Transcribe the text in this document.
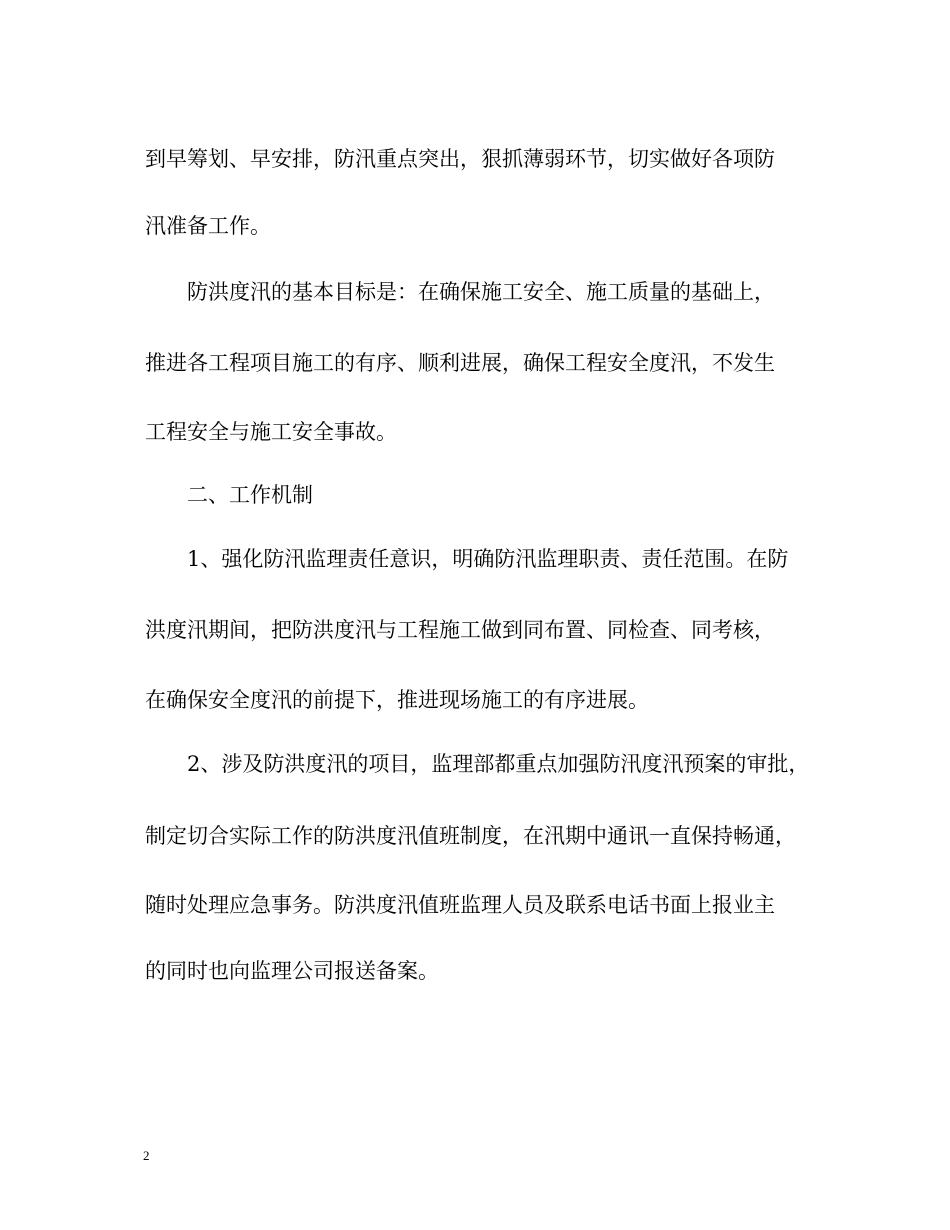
到早筹划、早安排，防汛重点突出，狠抓薄弱环节，切实做好各项防
汛准备工作。
防洪度汛的基本目标是：在确保施工安全、施工质量的基础上，
推进各工程项目施工的有序、顺利进展，确保工程安全度汛，不发生
工程安全与施工安全事故。
二、工作机制
1、强化防汛监理责任意识，明确防汛监理职责、责任范围。在防
洪度汛期间，把防洪度汛与工程施工做到同布置、同检查、同考核，
在确保安全度汛的前提下，推进现场施工的有序进展。
2、涉及防洪度汛的项目，监理部都重点加强防汛度汛预案的审批，
制定切合实际工作的防洪度汛值班制度，在汛期中通讯一直保持畅通，
随时处理应急事务。防洪度汛值班监理人员及联系电话书面上报业主
的同时也向监理公司报送备案。
2
